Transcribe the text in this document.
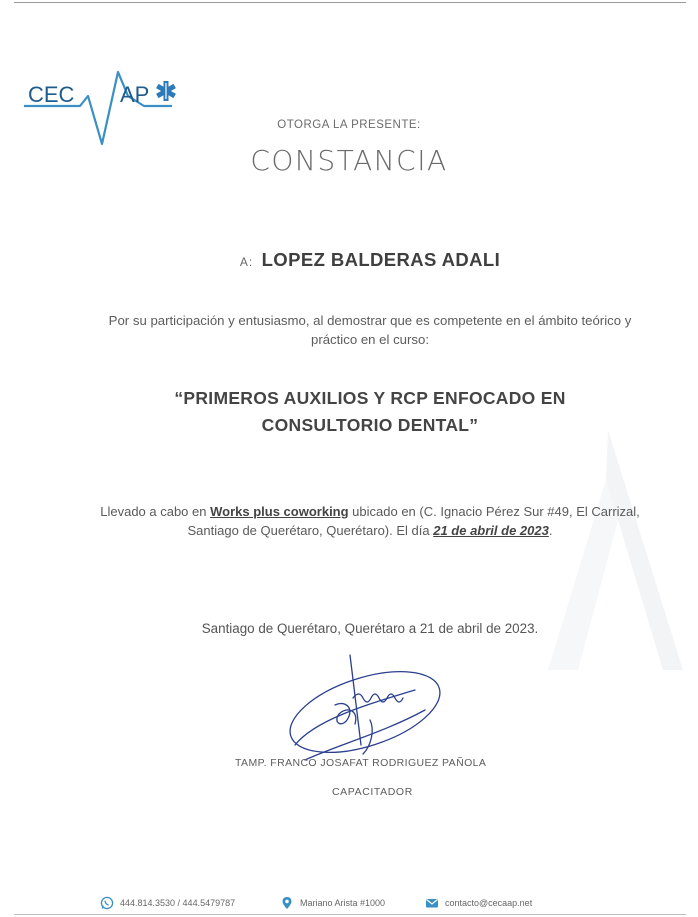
CEC AP
OTORGA LA PRESENTE:
CONSTANCIA
A: LOPEZ BALDERAS ADALI
Por su participación y entusiasmo, al demostrar que es competente en el ámbito teórico y práctico en el curso:
“PRIMEROS AUXILIOS Y RCP ENFOCADO EN CONSULTORIO DENTAL”
Llevado a cabo en Works plus coworking ubicado en (C. Ignacio Pérez Sur #49, El Carrizal, Santiago de Querétaro, Querétaro). El día 21 de abril de 2023.
Santiago de Querétaro, Querétaro a 21 de abril de 2023.
TAMP. FRANCO JOSAFAT RODRIGUEZ PAÑOLA
CAPACITADOR
444.814.3530 / 444.5479787	Mariano Arista #1000	contacto@cecaap.net
